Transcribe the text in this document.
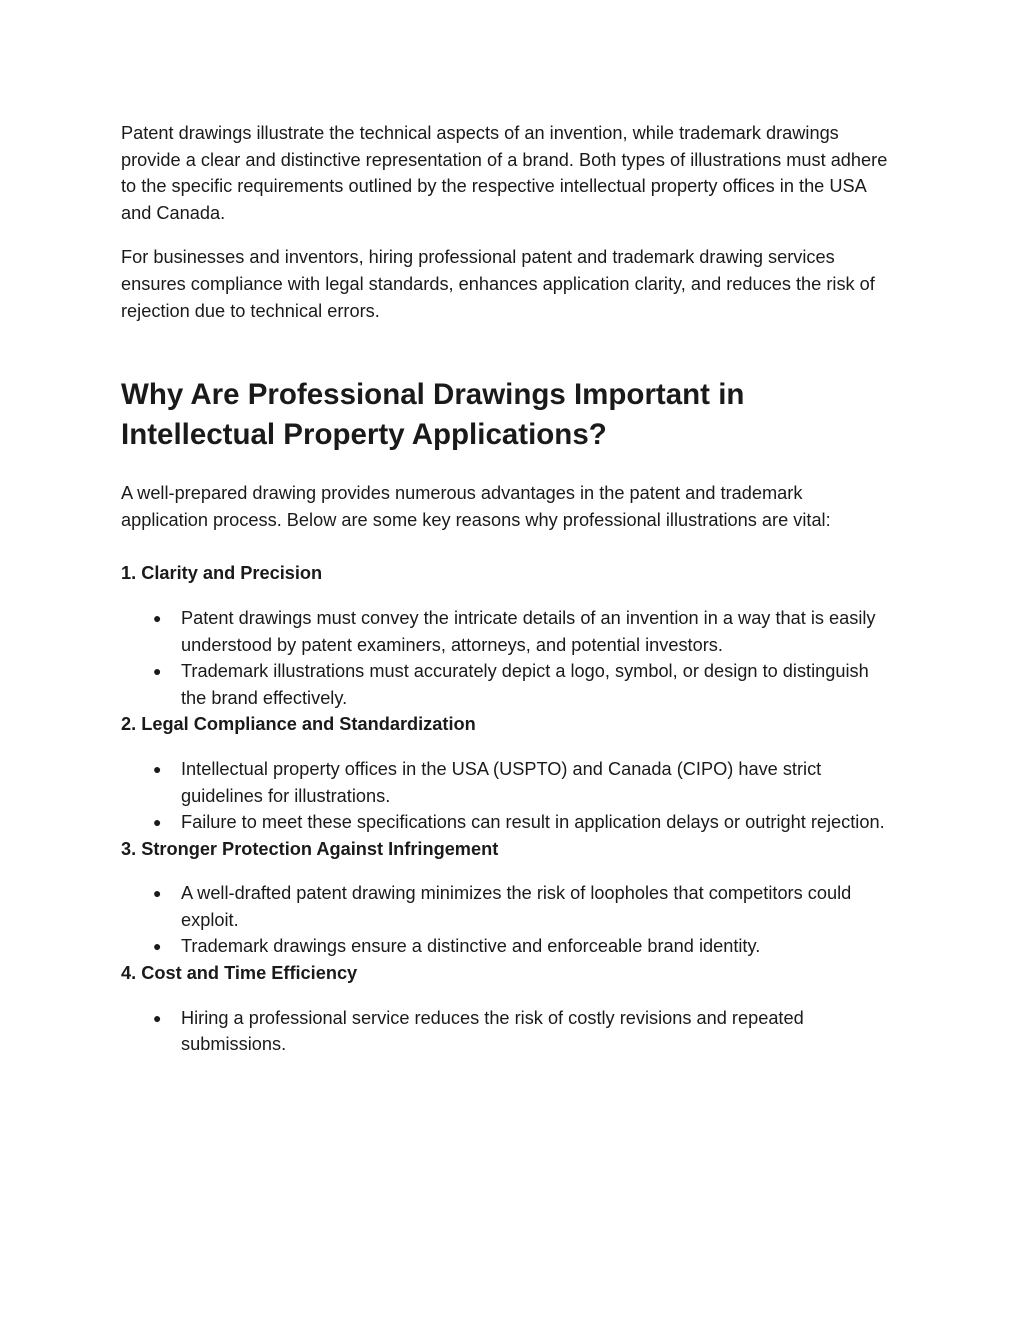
Patent drawings illustrate the technical aspects of an invention, while trademark drawings provide a clear and distinctive representation of a brand. Both types of illustrations must adhere to the specific requirements outlined by the respective intellectual property offices in the USA and Canada.

For businesses and inventors, hiring professional patent and trademark drawing services ensures compliance with legal standards, enhances application clarity, and reduces the risk of rejection due to technical errors.

Why Are Professional Drawings Important in Intellectual Property Applications?

A well-prepared drawing provides numerous advantages in the patent and trademark application process. Below are some key reasons why professional illustrations are vital:

1. Clarity and Precision
● Patent drawings must convey the intricate details of an invention in a way that is easily understood by patent examiners, attorneys, and potential investors.
● Trademark illustrations must accurately depict a logo, symbol, or design to distinguish the brand effectively.
2. Legal Compliance and Standardization
● Intellectual property offices in the USA (USPTO) and Canada (CIPO) have strict guidelines for illustrations.
● Failure to meet these specifications can result in application delays or outright rejection.
3. Stronger Protection Against Infringement
● A well-drafted patent drawing minimizes the risk of loopholes that competitors could exploit.
● Trademark drawings ensure a distinctive and enforceable brand identity.
4. Cost and Time Efficiency
● Hiring a professional service reduces the risk of costly revisions and repeated submissions.
